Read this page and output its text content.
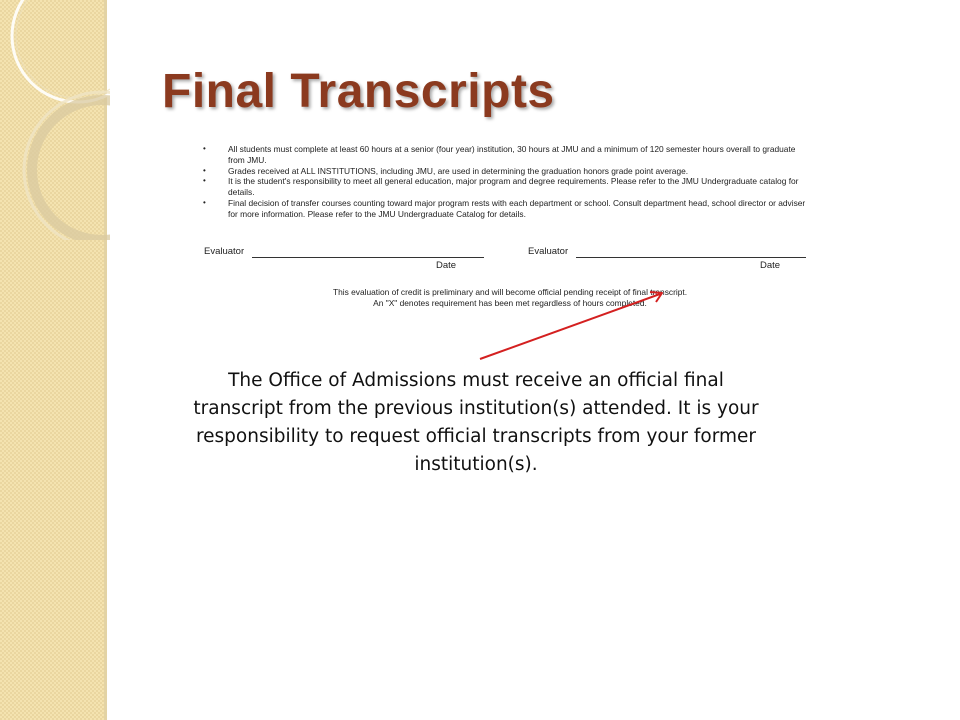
Final Transcripts
•	All students must complete at least 60 hours at a senior (four year) institution, 30 hours at JMU and a minimum of 120 semester hours overall to graduate from JMU.
•	Grades received at ALL INSTITUTIONS, including JMU, are used in determining the graduation honors grade point average.
•	It is the student's responsibility to meet all general education, major program and degree requirements. Please refer to the JMU Undergraduate catalog for details.
•	Final decision of transfer courses counting toward major program rests with each department or school. Consult department head, school director or adviser for more information. Please refer to the JMU Undergraduate Catalog for details.
Evaluator
Date
Evaluator
Date
This evaluation of credit is preliminary and will become official pending receipt of final transcript.
An "X" denotes requirement has been met regardless of hours completed.

The Office of Admissions must receive an official final transcript from the previous institution(s) attended. It is your responsibility to request official transcripts from your former institution(s).
